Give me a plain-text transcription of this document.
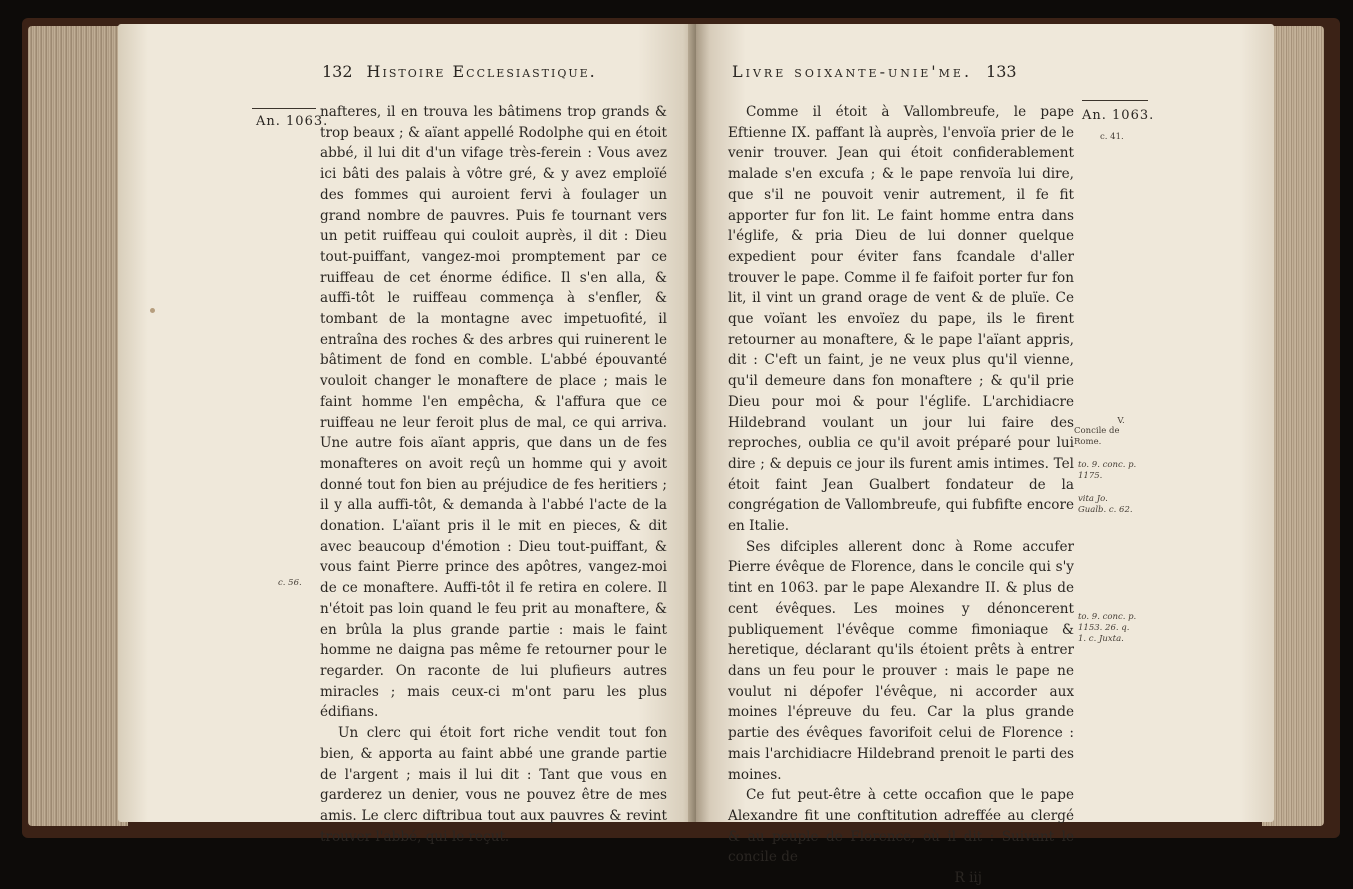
132 Histoire Ecclesiastique.
An. 1063.
c. 56.

nafteres, il en trouva les bâtimens trop grands & trop beaux ; & aïant appellé Rodolphe qui en étoit abbé, il lui dit d'un vifage très-ferein : Vous avez ici bâti des palais à vôtre gré, & y avez emploïé des fommes qui auroient fervi à foulager un grand nombre de pauvres. Puis fe tournant vers un petit ruiffeau qui couloit auprès, il dit : Dieu tout-puiffant, vangez-moi promptement par ce ruiffeau de cet énorme édifice. Il s'en alla, & auffi-tôt le ruiffeau commença à s'enfler, & tombant de la montagne avec impetuofité, il entraîna des roches & des arbres qui ruinerent le bâtiment de fond en comble. L'abbé épouvanté vouloit changer le monaftere de place ; mais le faint homme l'en empêcha, & l'affura que ce ruiffeau ne leur feroit plus de mal, ce qui arriva. Une autre fois aïant appris, que dans un de fes monafteres on avoit reçû un homme qui y avoit donné tout fon bien au préjudice de fes heritiers ; il y alla auffi-tôt, & demanda à l'abbé l'acte de la donation. L'aïant pris il le mit en pieces, & dit avec beaucoup d'émotion : Dieu tout-puiffant, & vous faint Pierre prince des apôtres, vangez-moi de ce monaftere. Auffi-tôt il fe retira en colere. Il n'étoit pas loin quand le feu prit au monaftere, & en brûla la plus grande partie : mais le faint homme ne daigna pas même fe retourner pour le regarder. On raconte de lui plufieurs autres miracles ; mais ceux-ci m'ont paru les plus édifians.

Un clerc qui étoit fort riche vendit tout fon bien, & apporta au faint abbé une grande partie de l'argent ; mais il lui dit : Tant que vous en garderez un denier, vous ne pouvez être de mes amis. Le clerc diftribua tout aux pauvres & revint trouver l'abbé, qui le reçut.

Livre soixante-unie'me. 133
An. 1063.
c. 41.
V.
Concile de Rome.
to. 9. conc. p. 1175.
vita Jo. Gualb. c. 62.
to. 9. conc. p. 1153. 26. q. 1. c. Juxta.

Comme il étoit à Vallombreufe, le pape Eftienne IX. paffant là auprès, l'envoïa prier de le venir trouver. Jean qui étoit confiderablement malade s'en excufa ; & le pape renvoïa lui dire, que s'il ne pouvoit venir autrement, il fe fit apporter fur fon lit. Le faint homme entra dans l'églife, & pria Dieu de lui donner quelque expedient pour éviter fans fcandale d'aller trouver le pape. Comme il fe faifoit porter fur fon lit, il vint un grand orage de vent & de pluïe. Ce que voïant les envoïez du pape, ils le firent retourner au monaftere, & le pape l'aïant appris, dit : C'eft un faint, je ne veux plus qu'il vienne, qu'il demeure dans fon monaftere ; & qu'il prie Dieu pour moi & pour l'églife. L'archidiacre Hildebrand voulant un jour lui faire des reproches, oublia ce qu'il avoit préparé pour lui dire ; & depuis ce jour ils furent amis intimes. Tel étoit faint Jean Gualbert fondateur de la congrégation de Vallombreufe, qui fubfifte encore en Italie.

Ses difciples allerent donc à Rome accufer Pierre évêque de Florence, dans le concile qui s'y tint en 1063. par le pape Alexandre II. & plus de cent évêques. Les moines y dénoncerent publiquement l'évêque comme fimoniaque & heretique, déclarant qu'ils étoient prêts à entrer dans un feu pour le prouver : mais le pape ne voulut ni dépofer l'évêque, ni accorder aux moines l'épreuve du feu. Car la plus grande partie des évêques favorifoit celui de Florence : mais l'archidiacre Hildebrand prenoit le parti des moines.

Ce fut peut-être à cette occafion que le pape Alexandre fit une conftitution adreffée au clergé & au peuple de Florence, où il dit : Suivant le concile de

R iij
